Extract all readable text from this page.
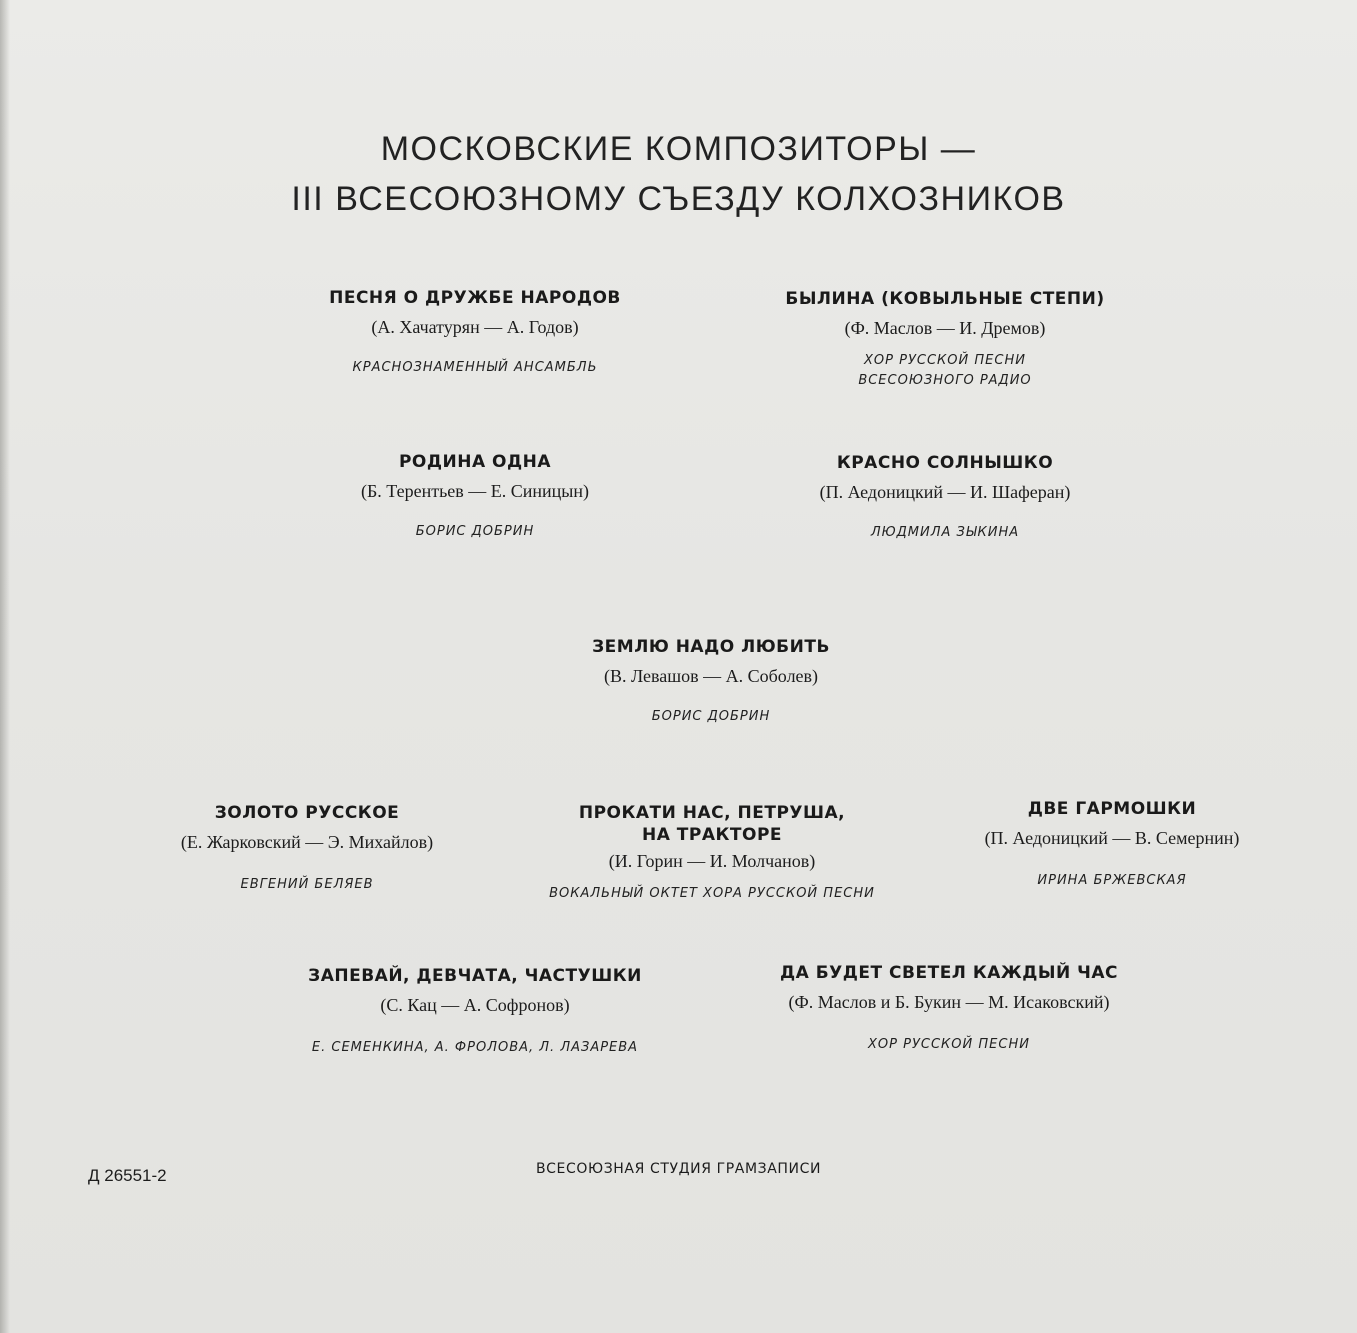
МОСКОВСКИЕ КОМПОЗИТОРЫ —
III ВСЕСОЮЗНОМУ СЪЕЗДУ КОЛХОЗНИКОВ
ПЕСНЯ О ДРУЖБЕ НАРОДОВ
(А. Хачатурян — А. Годов)
КРАСНОЗНАМЕННЫЙ АНСАМБЛЬ
БЫЛИНА (КОВЫЛЬНЫЕ СТЕПИ)
(Ф. Маслов — И. Дремов)
ХОР РУССКОЙ ПЕСНИ
ВСЕСОЮЗНОГО РАДИО
РОДИНА ОДНА
(Б. Терентьев — Е. Синицын)
БОРИС ДОБРИН
КРАСНО СОЛНЫШКО
(П. Аедоницкий — И. Шаферан)
ЛЮДМИЛА ЗЫКИНА
ЗЕМЛЮ НАДО ЛЮБИТЬ
(В. Левашов — А. Соболев)
БОРИС ДОБРИН
ЗОЛОТО РУССКОЕ
(Е. Жарковский — Э. Михайлов)
ЕВГЕНИЙ БЕЛЯЕВ
ПРОКАТИ НАС, ПЕТРУША,
НА ТРАКТОРЕ
(И. Горин — И. Молчанов)
ВОКАЛЬНЫЙ ОКТЕТ ХОРА РУССКОЙ ПЕСНИ
ДВЕ ГАРМОШКИ
(П. Аедоницкий — В. Семернин)
ИРИНА БРЖЕВСКАЯ
ЗАПЕВАЙ, ДЕВЧАТА, ЧАСТУШКИ
(С. Кац — А. Софронов)
Е. СЕМЕНКИНА, А. ФРОЛОВА, Л. ЛАЗАРЕВА
ДА БУДЕТ СВЕТЕЛ КАЖДЫЙ ЧАС
(Ф. Маслов и Б. Букин — М. Исаковский)
ХОР РУССКОЙ ПЕСНИ
Д 26551-2	ВСЕСОЮЗНАЯ СТУДИЯ ГРАМЗАПИСИ
